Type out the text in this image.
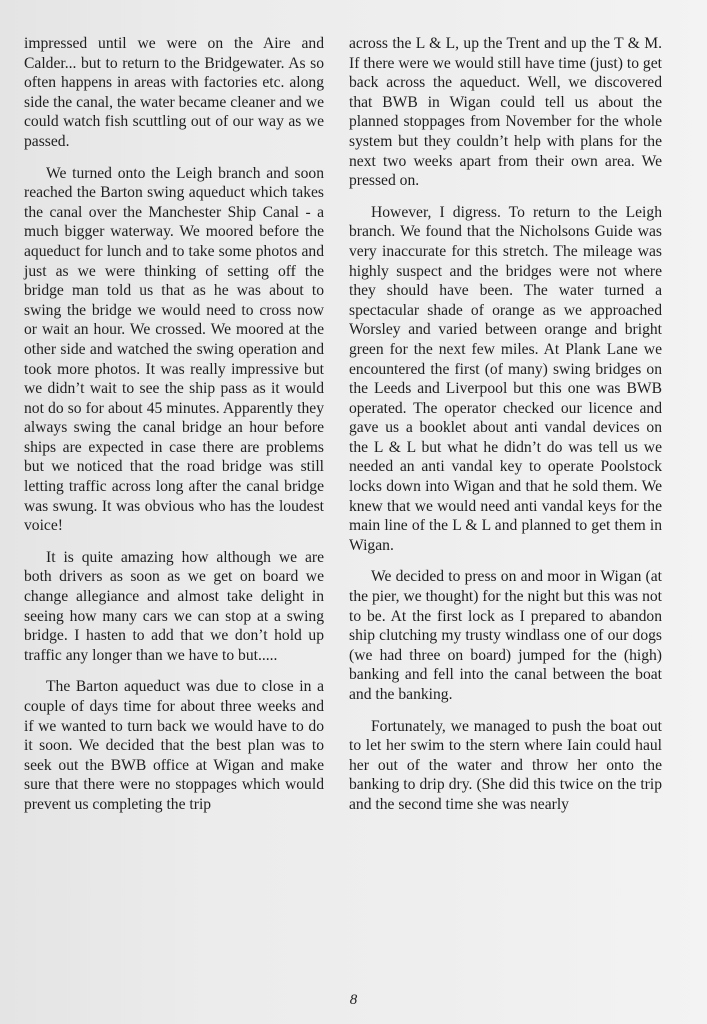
impressed until we were on the Aire and Calder... but to return to the Bridgewater. As so often happens in areas with factories etc. along side the canal, the water became cleaner and we could watch fish scuttling out of our way as we passed.

We turned onto the Leigh branch and soon reached the Barton swing aqueduct which takes the canal over the Manchester Ship Canal - a much bigger waterway. We moored before the aqueduct for lunch and to take some photos and just as we were thinking of setting off the bridge man told us that as he was about to swing the bridge we would need to cross now or wait an hour. We crossed. We moored at the other side and watched the swing operation and took more photos. It was really impressive but we didn’t wait to see the ship pass as it would not do so for about 45 minutes. Apparently they always swing the canal bridge an hour before ships are expected in case there are problems but we noticed that the road bridge was still letting traffic across long after the canal bridge was swung. It was obvious who has the loudest voice!

It is quite amazing how although we are both drivers as soon as we get on board we change allegiance and almost take delight in seeing how many cars we can stop at a swing bridge. I hasten to add that we don’t hold up traffic any longer than we have to but.....

The Barton aqueduct was due to close in a couple of days time for about three weeks and if we wanted to turn back we would have to do it soon. We decided that the best plan was to seek out the BWB office at Wigan and make sure that there were no stoppages which would prevent us completing the trip

across the L & L, up the Trent and up the T & M. If there were we would still have time (just) to get back across the aqueduct. Well, we discovered that BWB in Wigan could tell us about the planned stoppages from November for the whole system but they couldn’t help with plans for the next two weeks apart from their own area. We pressed on.

However, I digress. To return to the Leigh branch. We found that the Nicholsons Guide was very inaccurate for this stretch. The mileage was highly suspect and the bridges were not where they should have been. The water turned a spectacular shade of orange as we approached Worsley and varied between orange and bright green for the next few miles. At Plank Lane we encountered the first (of many) swing bridges on the Leeds and Liverpool but this one was BWB operated. The operator checked our licence and gave us a booklet about anti vandal devices on the L & L but what he didn’t do was tell us we needed an anti vandal key to operate Poolstock locks down into Wigan and that he sold them. We knew that we would need anti vandal keys for the main line of the L & L and planned to get them in Wigan.

We decided to press on and moor in Wigan (at the pier, we thought) for the night but this was not to be. At the first lock as I prepared to abandon ship clutching my trusty windlass one of our dogs (we had three on board) jumped for the (high) banking and fell into the canal between the boat and the banking.

Fortunately, we managed to push the boat out to let her swim to the stern where Iain could haul her out of the water and throw her onto the banking to drip dry. (She did this twice on the trip and the second time she was nearly

8
